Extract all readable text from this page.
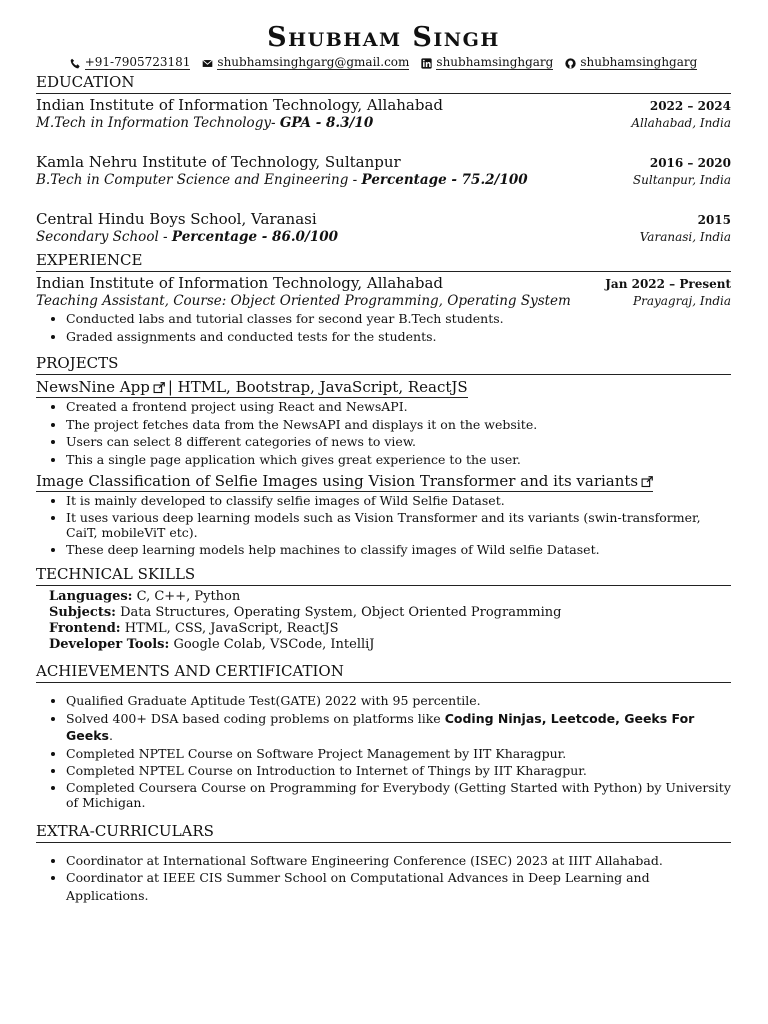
Shubham Singh
+91-7905723181 shubhamsinghgarg@gmail.com shubhamsinghgarg shubhamsinghgarg
EDUCATION
Indian Institute of Information Technology, Allahabad	2022 – 2024
M.Tech in Information Technology- GPA - 8.3/10	Allahabad, India
Kamla Nehru Institute of Technology, Sultanpur	2016 – 2020
B.Tech in Computer Science and Engineering - Percentage - 75.2/100	Sultanpur, India
Central Hindu Boys School, Varanasi	2015
Secondary School - Percentage - 86.0/100	Varanasi, India
EXPERIENCE
Indian Institute of Information Technology, Allahabad	Jan 2022 – Present
Teaching Assistant, Course: Object Oriented Programming, Operating System	Prayagraj, India
• Conducted labs and tutorial classes for second year B.Tech students.
• Graded assignments and conducted tests for the students.
PROJECTS
NewsNine App | HTML, Bootstrap, JavaScript, ReactJS
• Created a frontend project using React and NewsAPI.
• The project fetches data from the NewsAPI and displays it on the website.
• Users can select 8 different categories of news to view.
• This a single page application which gives great experience to the user.
Image Classification of Selfie Images using Vision Transformer and its variants
• It is mainly developed to classify selfie images of Wild Selfie Dataset.
• It uses various deep learning models such as Vision Transformer and its variants (swin-transformer, CaiT, mobileViT etc).
• These deep learning models help machines to classify images of Wild selfie Dataset.
TECHNICAL SKILLS
Languages: C, C++, Python
Subjects: Data Structures, Operating System, Object Oriented Programming
Frontend: HTML, CSS, JavaScript, ReactJS
Developer Tools: Google Colab, VSCode, IntelliJ
ACHIEVEMENTS AND CERTIFICATION
• Qualified Graduate Aptitude Test(GATE) 2022 with 95 percentile.
• Solved 400+ DSA based coding problems on platforms like Coding Ninjas, Leetcode, Geeks For Geeks.
• Completed NPTEL Course on Software Project Management by IIT Kharagpur.
• Completed NPTEL Course on Introduction to Internet of Things by IIT Kharagpur.
• Completed Coursera Course on Programming for Everybody (Getting Started with Python) by University of Michigan.
EXTRA-CURRICULARS
• Coordinator at International Software Engineering Conference (ISEC) 2023 at IIIT Allahabad.
• Coordinator at IEEE CIS Summer School on Computational Advances in Deep Learning and Applications.
